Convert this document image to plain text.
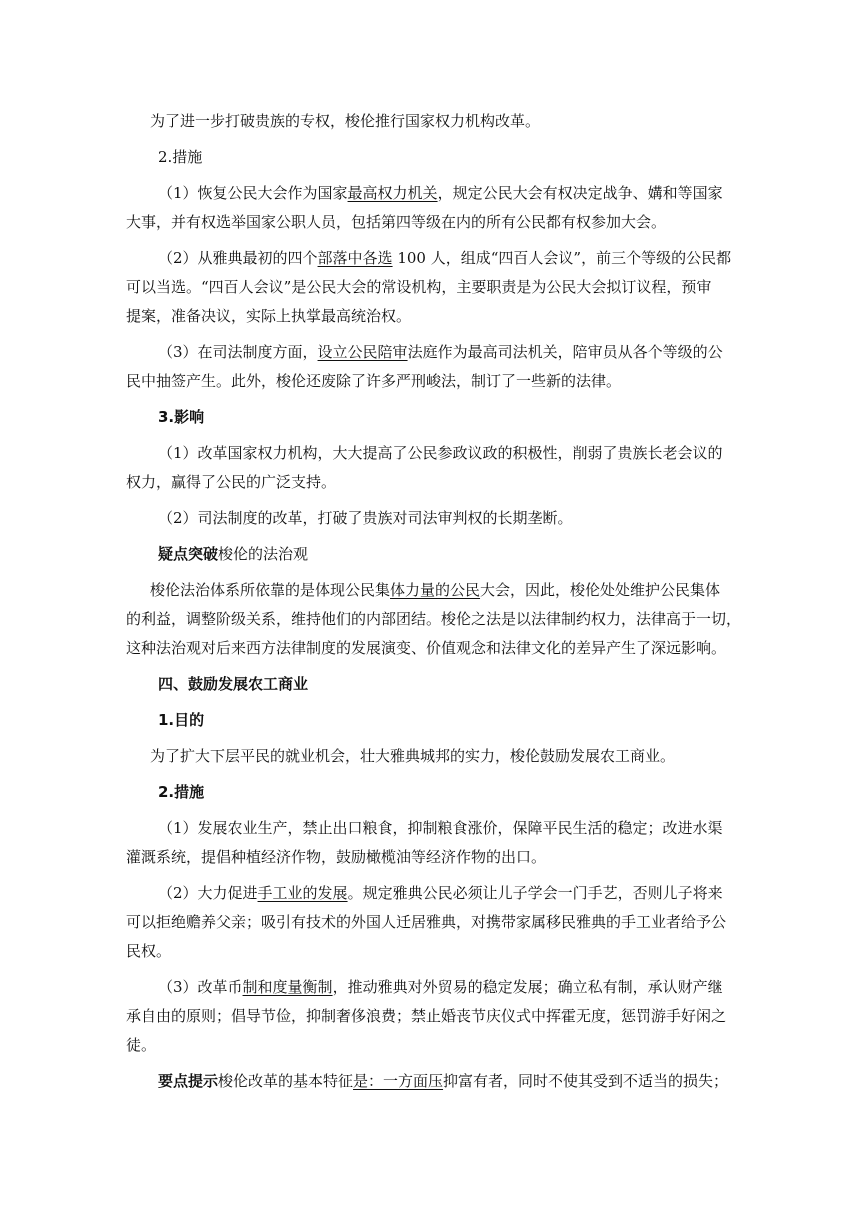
为了进一步打破贵族的专权，梭伦推行国家权力机构改革。
2.措施
（1）恢复公民大会作为国家最高权力机关，规定公民大会有权决定战争、媾和等国家
大事，并有权选举国家公职人员，包括第四等级在内的所有公民都有权参加大会。
（2）从雅典最初的四个部落中各选 100 人，组成“四百人会议”，前三个等级的公民都
可以当选。“四百人会议”是公民大会的常设机构，主要职责是为公民大会拟订议程，预审
提案，准备决议，实际上执掌最高统治权。
（3）在司法制度方面，设立公民陪审法庭作为最高司法机关，陪审员从各个等级的公
民中抽签产生。此外，梭伦还废除了许多严刑峻法，制订了一些新的法律。
3.影响
（1）改革国家权力机构，大大提高了公民参政议政的积极性，削弱了贵族长老会议的
权力，赢得了公民的广泛支持。
（2）司法制度的改革，打破了贵族对司法审判权的长期垄断。
疑点突破梭伦的法治观
梭伦法治体系所依靠的是体现公民集体力量的公民大会，因此，梭伦处处维护公民集体
的利益，调整阶级关系，维持他们的内部团结。梭伦之法是以法律制约权力，法律高于一切，
这种法治观对后来西方法律制度的发展演变、价值观念和法律文化的差异产生了深远影响。
四、鼓励发展农工商业
1.目的
为了扩大下层平民的就业机会，壮大雅典城邦的实力，梭伦鼓励发展农工商业。
2.措施
（1）发展农业生产，禁止出口粮食，抑制粮食涨价，保障平民生活的稳定；改进水渠
灌溉系统，提倡种植经济作物，鼓励橄榄油等经济作物的出口。
（2）大力促进手工业的发展。规定雅典公民必须让儿子学会一门手艺，否则儿子将来
可以拒绝赡养父亲；吸引有技术的外国人迁居雅典，对携带家属移民雅典的手工业者给予公
民权。
（3）改革币制和度量衡制，推动雅典对外贸易的稳定发展；确立私有制，承认财产继
承自由的原则；倡导节俭，抑制奢侈浪费；禁止婚丧节庆仪式中挥霍无度，惩罚游手好闲之
徒。
要点提示梭伦改革的基本特征是：一方面压抑富有者，同时不使其受到不适当的损失；
